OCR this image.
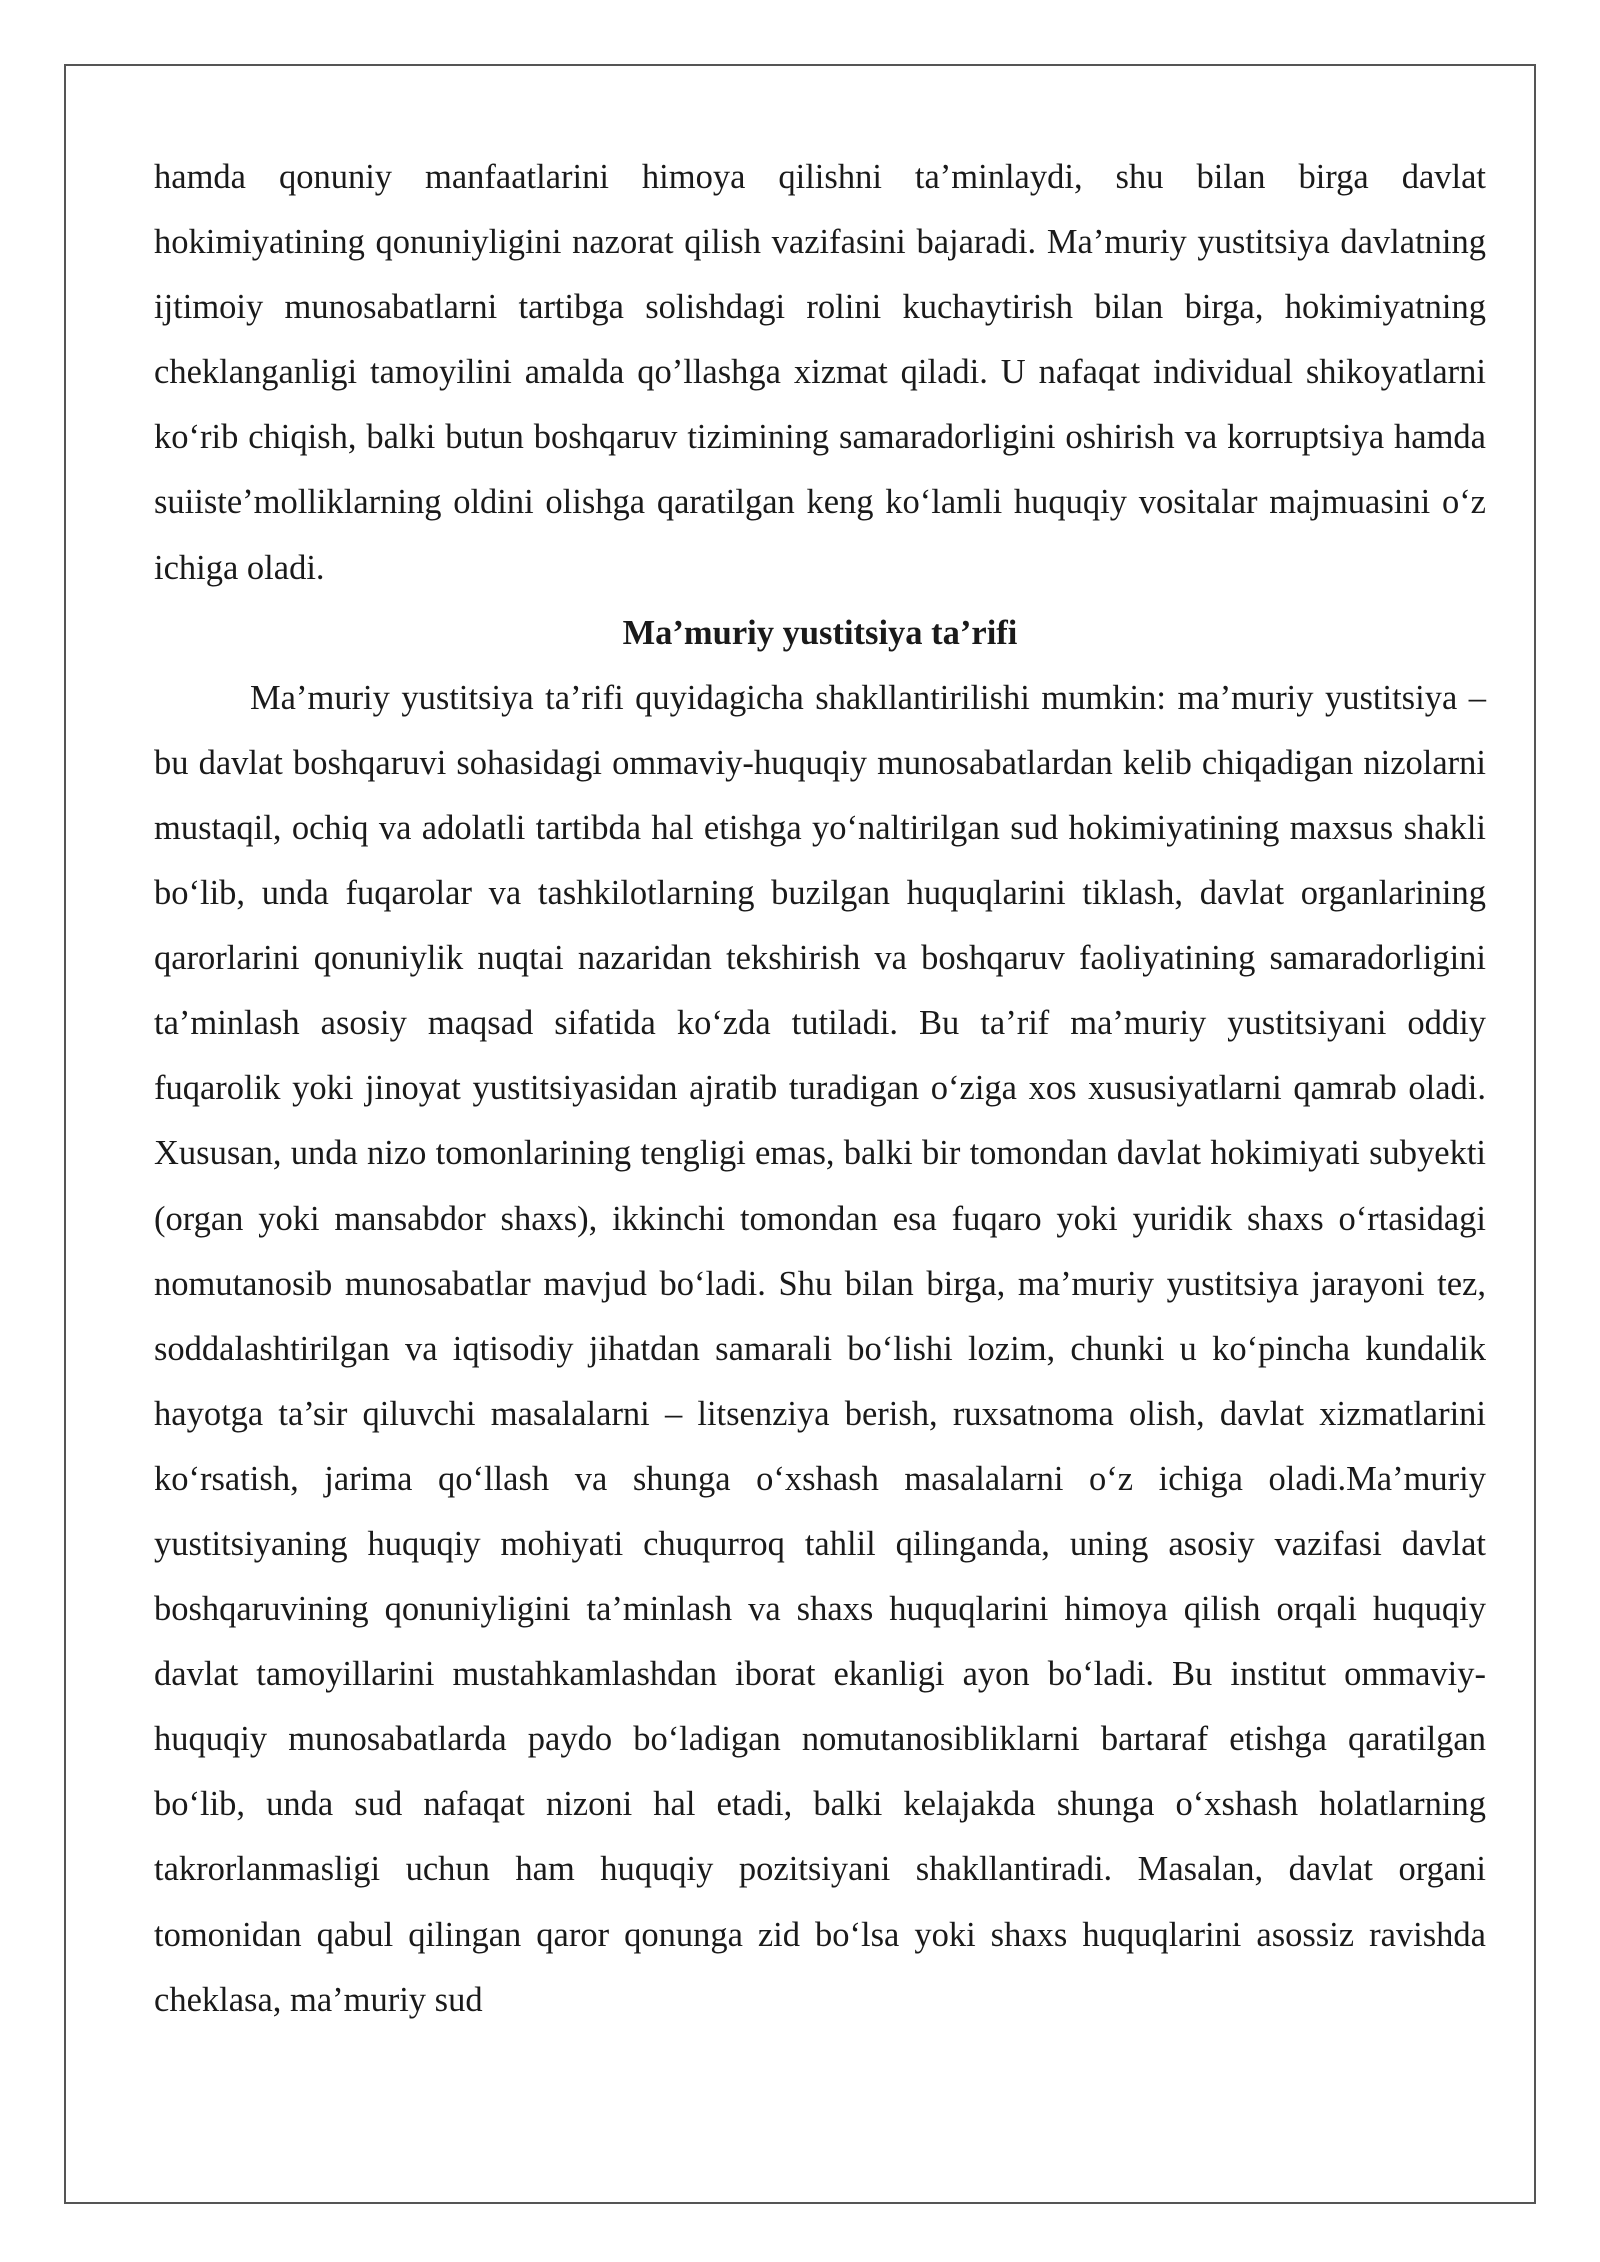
hamda qonuniy manfaatlarini himoya qilishni ta’minlaydi, shu bilan birga davlat hokimiyatining qonuniyligini nazorat qilish vazifasini bajaradi. Ma’muriy yustitsiya davlatning ijtimoiy munosabatlarni tartibga solishdagi rolini kuchaytirish bilan birga, hokimiyatning cheklanganligi tamoyilini amalda qo’llashga xizmat qiladi. U nafaqat individual shikoyatlarni koʻrib chiqish, balki butun boshqaruv tizimining samaradorligini oshirish va korruptsiya hamda suiisteʼmolliklarning oldini olishga qaratilgan keng koʻlamli huquqiy vositalar majmuasini oʻz ichiga oladi.

Ma’muriy yustitsiya ta’rifi

Ma’muriy yustitsiya ta’rifi quyidagicha shakllantirilishi mumkin: ma’muriy yustitsiya – bu davlat boshqaruvi sohasidagi ommaviy-huquqiy munosabatlardan kelib chiqadigan nizolarni mustaqil, ochiq va adolatli tartibda hal etishga yoʻnaltirilgan sud hokimiyatining maxsus shakli boʻlib, unda fuqarolar va tashkilotlarning buzilgan huquqlarini tiklash, davlat organlarining qarorlarini qonuniylik nuqtai nazaridan tekshirish va boshqaruv faoliyatining samaradorligini ta’minlash asosiy maqsad sifatida koʻzda tutiladi. Bu ta’rif ma’muriy yustitsiyani oddiy fuqarolik yoki jinoyat yustitsiyasidan ajratib turadigan oʻziga xos xususiyatlarni qamrab oladi. Xususan, unda nizo tomonlarining tengligi emas, balki bir tomondan davlat hokimiyati subyekti (organ yoki mansabdor shaxs), ikkinchi tomondan esa fuqaro yoki yuridik shaxs oʻrtasidagi nomutanosib munosabatlar mavjud boʻladi. Shu bilan birga, ma’muriy yustitsiya jarayoni tez, soddalashtirilgan va iqtisodiy jihatdan samarali boʻlishi lozim, chunki u koʻpincha kundalik hayotga ta’sir qiluvchi masalalarni – litsenziya berish, ruxsatnoma olish, davlat xizmatlarini koʻrsatish, jarima qoʻllash va shunga oʻxshash masalalarni oʻz ichiga oladi.Ma’muriy yustitsiyaning huquqiy mohiyati chuqurroq tahlil qilinganda, uning asosiy vazifasi davlat boshqaruvining qonuniyligini ta’minlash va shaxs huquqlarini himoya qilish orqali huquqiy davlat tamoyillarini mustahkamlashdan iborat ekanligi ayon boʻladi. Bu institut ommaviy-huquqiy munosabatlarda paydo boʻladigan nomutanosibliklarni bartaraf etishga qaratilgan boʻlib, unda sud nafaqat nizoni hal etadi, balki kelajakda shunga oʻxshash holatlarning takrorlanmasligi uchun ham huquqiy pozitsiyani shakllantiradi. Masalan, davlat organi tomonidan qabul qilingan qaror qonunga zid boʻlsa yoki shaxs huquqlarini asossiz ravishda cheklasa, ma’muriy sud
